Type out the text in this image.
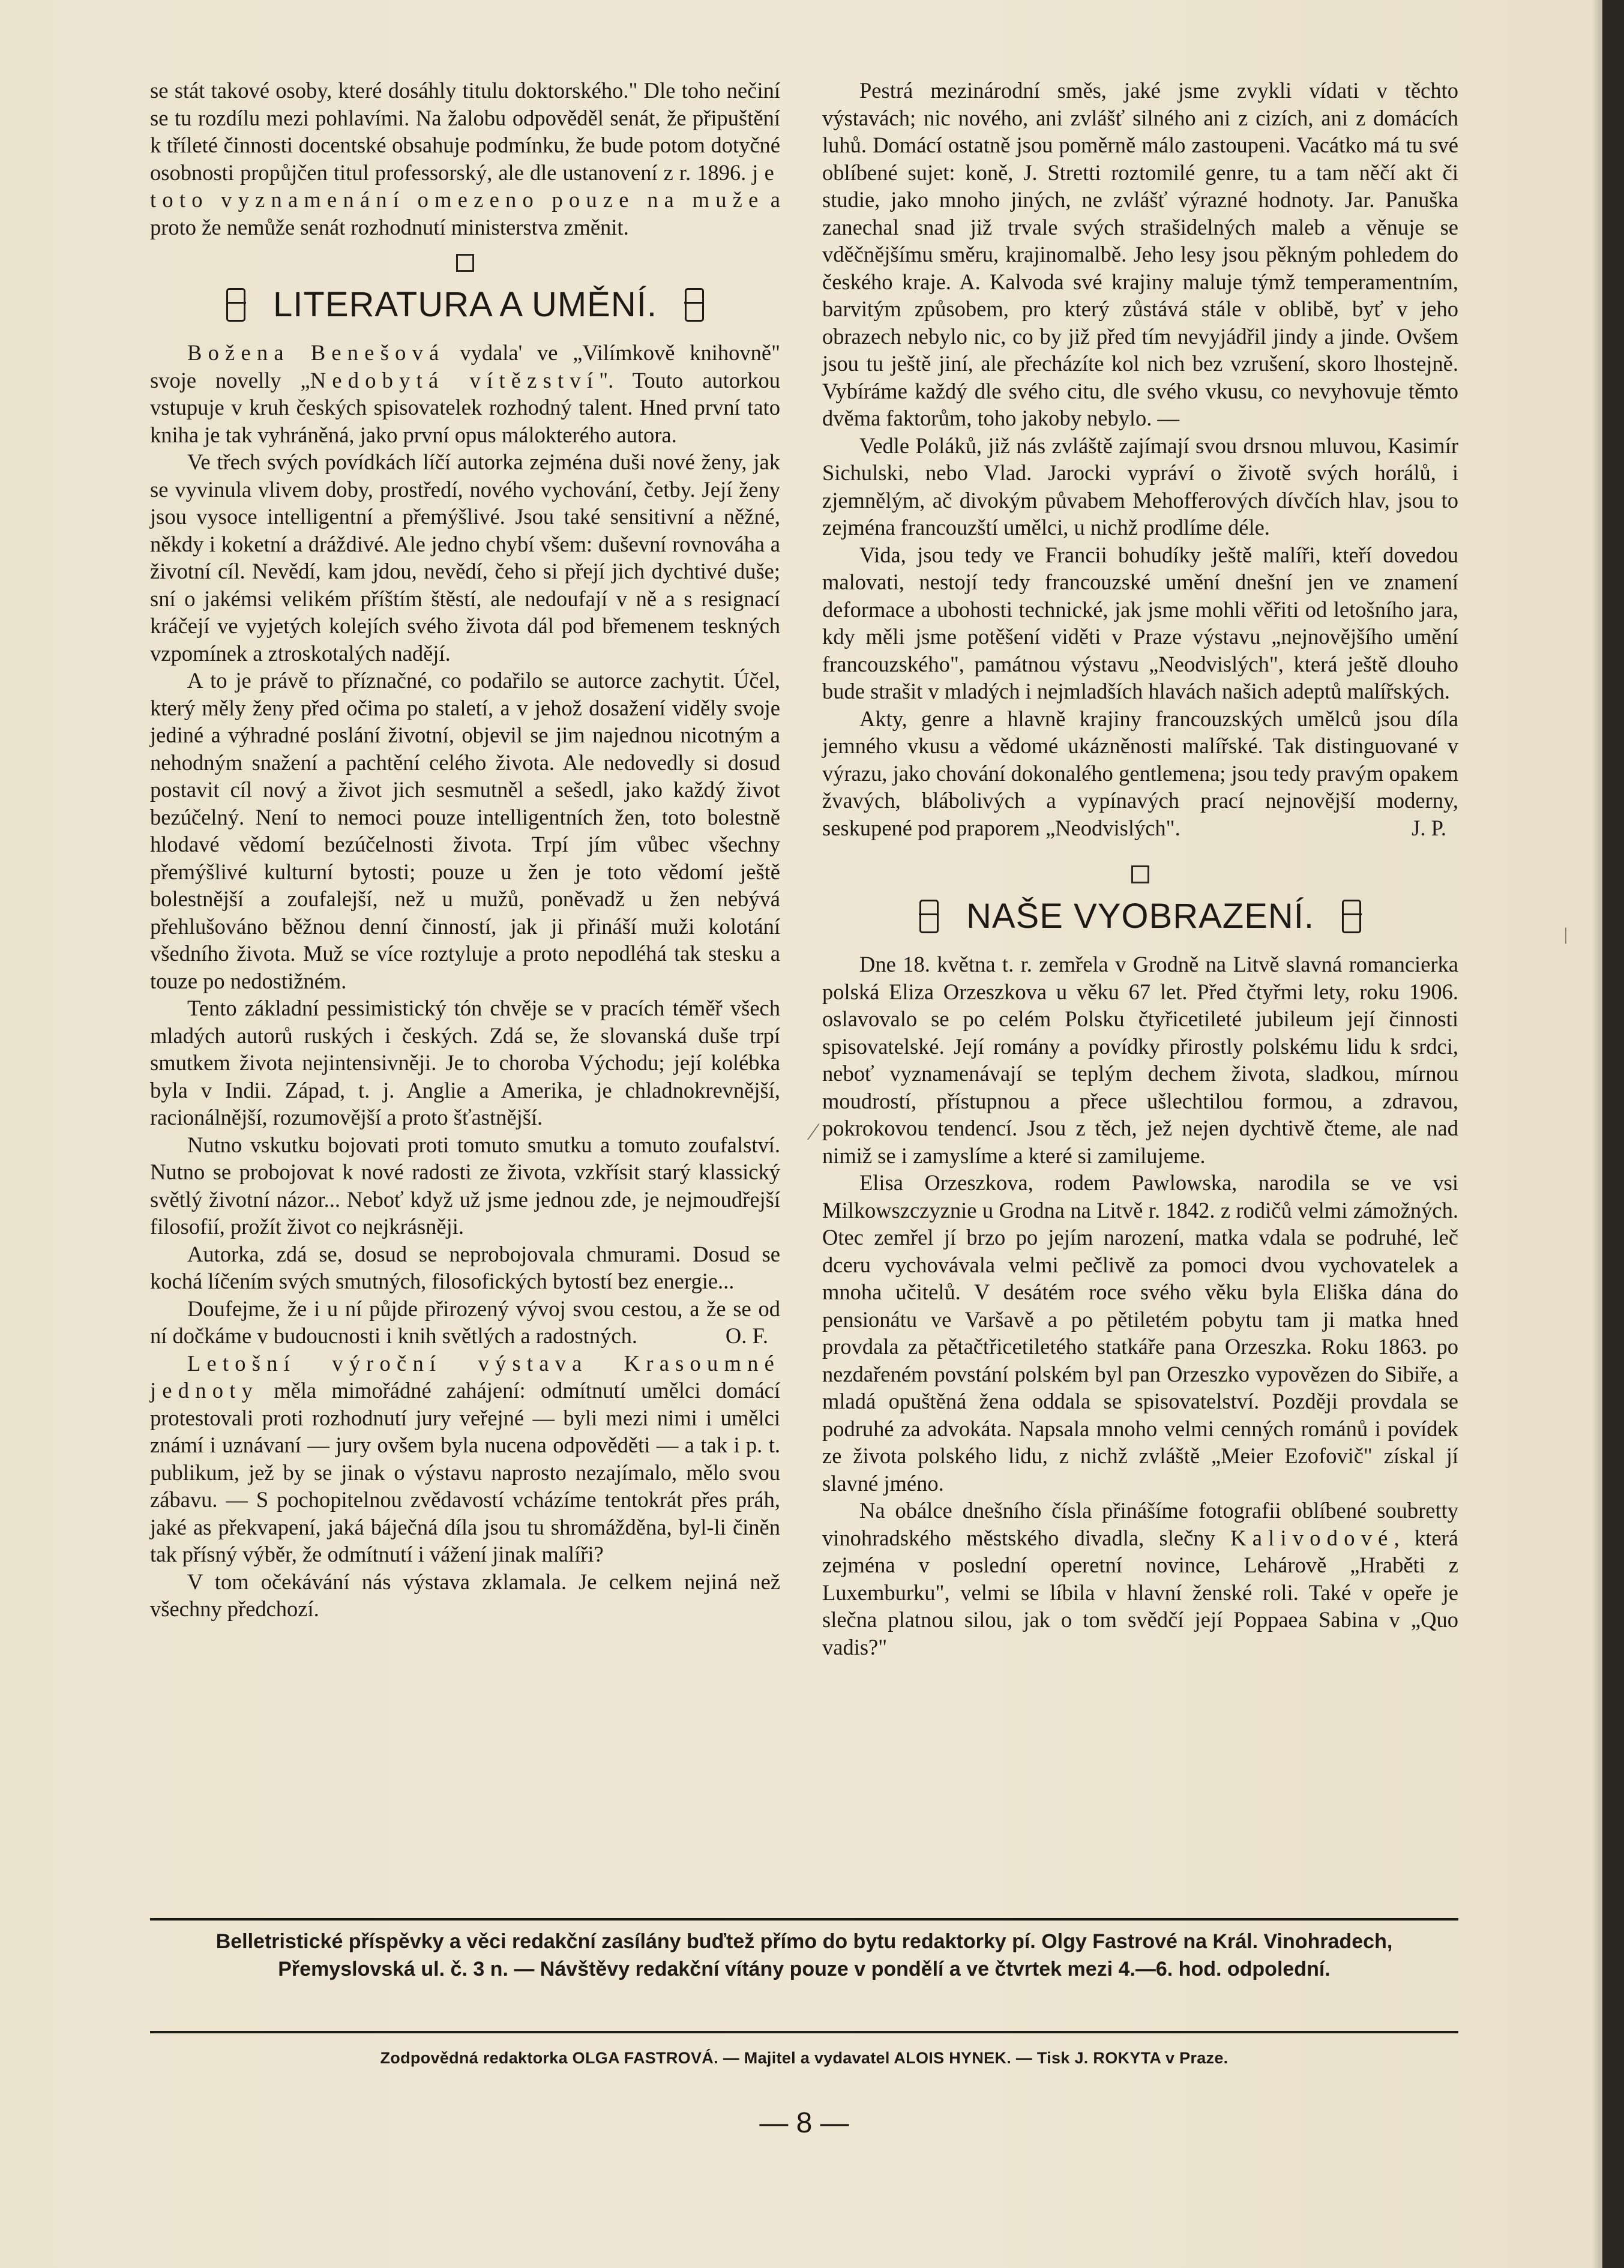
se stát takové osoby, které dosáhly titulu doktorského." Dle toho nečiní se tu rozdílu mezi pohlavími. Na žalobu odpověděl senát, že připuštění k tříleté činnosti docentské obsahuje podmínku, že bude potom dotyčné osobnosti propůjčen titul professorský, ale dle ustanovení z r. 1896. je toto vyznamenání omezeno pouze na muže a proto že nemůže senát rozhodnutí ministerstva změnit.

LITERATURA A UMĚNÍ.

Božena Benešová vydala' ve „Vilímkově knihovně" svoje novelly „Nedobytá vítězství". Touto autorkou vstupuje v kruh českých spisovatelek rozhodný talent. Hned první tato kniha je tak vyhráněná, jako první opus málokterého autora.

Ve třech svých povídkách líčí autorka zejména duši nové ženy, jak se vyvinula vlivem doby, prostředí, nového vychování, četby. Její ženy jsou vysoce intelligentní a přemýšlivé. Jsou také sensitivní a něžné, někdy i koketní a dráždivé. Ale jedno chybí všem: duševní rovnováha a životní cíl. Nevědí, kam jdou, nevědí, čeho si přejí jich dychtivé duše; sní o jakémsi velikém příštím štěstí, ale nedoufají v ně a s resignací kráčejí ve vyjetých kolejích svého života dál pod břemenem teskných vzpomínek a ztroskotalých nadějí.

A to je právě to příznačné, co podařilo se autorce zachytit. Účel, který měly ženy před očima po staletí, a v jehož dosažení viděly svoje jediné a výhradné poslání životní, objevil se jim najednou nicotným a nehodným snažení a pachtění celého života. Ale nedovedly si dosud postavit cíl nový a život jich sesmutněl a sešedl, jako každý život bezúčelný. Není to nemoci pouze intelligentních žen, toto bolestně hlodavé vědomí bezúčelnosti života. Trpí jím vůbec všechny přemýšlivé kulturní bytosti; pouze u žen je toto vědomí ještě bolestnější a zoufalejší, než u mužů, poněvadž u žen nebývá přehlušováno běžnou denní činností, jak ji přináší muži kolotání všedního života. Muž se více roztyluje a proto nepodléhá tak stesku a touze po nedostižném.

Tento základní pessimistický tón chvěje se v pracích téměř všech mladých autorů ruských i českých. Zdá se, že slovanská duše trpí smutkem života nejintensivněji. Je to choroba Východu; její kolébka byla v Indii. Západ, t. j. Anglie a Amerika, je chladnokrevnější, racionálnější, rozumovější a proto šťastnější.

Nutno vskutku bojovati proti tomuto smutku a tomuto zoufalství. Nutno se probojovat k nové radosti ze života, vzkřísit starý klassický světlý životní názor... Neboť když už jsme jednou zde, je nejmoudřejší filosofií, prožít život co nejkrásněji.

Autorka, zdá se, dosud se neprobojovala chmurami. Dosud se kochá líčením svých smutných, filosofických bytostí bez energie...

Doufejme, že i u ní půjde přirozený vývoj svou cestou, a že se od ní dočkáme v budoucnosti i knih světlých a radostných.	O. F.

Letošní výroční výstava Krasoumné jednoty měla mimořádné zahájení: odmítnutí umělci domácí protestovali proti rozhodnutí jury veřejné — byli mezi nimi i umělci známí i uznávaní — jury ovšem byla nucena odpověděti — a tak i p. t. publikum, jež by se jinak o výstavu naprosto nezajímalo, mělo svou zábavu. — S pochopitelnou zvědavostí vcházíme tentokrát přes práh, jaké as překvapení, jaká báječná díla jsou tu shromážděna, byl-li činěn tak přísný výběr, že odmítnutí i vážení jinak malíři?

V tom očekávání nás výstava zklamala. Je celkem nejiná než všechny předchozí.

Pestrá mezinárodní směs, jaké jsme zvykli vídati v těchto výstavách; nic nového, ani zvlášť silného ani z cizích, ani z domácích luhů. Domácí ostatně jsou poměrně málo zastoupeni. Vacátko má tu své oblíbené sujet: koně, J. Stretti roztomilé genre, tu a tam něčí akt či studie, jako mnoho jiných, ne zvlášť výrazné hodnoty. Jar. Panuška zanechal snad již trvale svých strašidelných maleb a věnuje se vděčnějšímu směru, krajinomalbě. Jeho lesy jsou pěkným pohledem do českého kraje. A. Kalvoda své krajiny maluje týmž temperamentním, barvitým způsobem, pro který zůstává stále v oblibě, byť v jeho obrazech nebylo nic, co by již před tím nevyjádřil jindy a jinde. Ovšem jsou tu ještě jiní, ale přecházíte kol nich bez vzrušení, skoro lhostejně. Vybíráme každý dle svého citu, dle svého vkusu, co nevyhovuje těmto dvěma faktorům, toho jakoby nebylo. —

Vedle Poláků, již nás zvláště zajímají svou drsnou mluvou, Kasimír Sichulski, nebo Vlad. Jarocki vypráví o životě svých horálů, i zjemnělým, ač divokým půvabem Mehofferových dívčích hlav, jsou to zejména francouzští umělci, u nichž prodlíme déle.

Vida, jsou tedy ve Francii bohudíky ještě malíři, kteří dovedou malovati, nestojí tedy francouzské umění dnešní jen ve znamení deformace a ubohosti technické, jak jsme mohli věřiti od letošního jara, kdy měli jsme potěšení viděti v Praze výstavu „nejnovějšího umění francouzského", památnou výstavu „Neodvislých", která ještě dlouho bude strašit v mladých i nejmladších hlavách našich adeptů malířských.

Akty, genre a hlavně krajiny francouzských umělců jsou díla jemného vkusu a vědomé ukázněnosti malířské. Tak distinguované v výrazu, jako chování dokonalého gentlemena; jsou tedy pravým opakem žvavých, blábolivých a vypínavých prací nejnovější moderny, seskupené pod praporem „Neodvislých".	J. P.

NAŠE VYOBRAZENÍ.

Dne 18. května t. r. zemřela v Grodně na Litvě slavná romancierka polská Eliza Orzeszkova u věku 67 let. Před čtyřmi lety, roku 1906. oslavovalo se po celém Polsku čtyřicetileté jubileum její činnosti spisovatelské. Její romány a povídky přirostly polskému lidu k srdci, neboť vyznamenávají se teplým dechem života, sladkou, mírnou moudrostí, přístupnou a přece ušlechtilou formou, a zdravou, pokrokovou tendencí. Jsou z těch, jež nejen dychtivě čteme, ale nad nimiž se i zamyslíme a které si zamilujeme.

Elisa Orzeszkova, rodem Pawlowska, narodila se ve vsi Milkowszczyznie u Grodna na Litvě r. 1842. z rodičů velmi zámožných. Otec zemřel jí brzo po jejím narození, matka vdala se podruhé, leč dceru vychovávala velmi pečlivě za pomoci dvou vychovatelek a mnoha učitelů. V desátém roce svého věku byla Eliška dána do pensionátu ve Varšavě a po pětiletém pobytu tam ji matka hned provdala za pětačtřicetiletého statkáře pana Orzeszka. Roku 1863. po nezdařeném povstání polském byl pan Orzeszko vypovězen do Sibiře, a mladá opuštěná žena oddala se spisovatelství. Později provdala se podruhé za advokáta. Napsala mnoho velmi cenných románů i povídek ze života polského lidu, z nichž zvláště „Meier Ezofovič" získal jí slavné jméno.

Na obálce dnešního čísla přinášíme fotografii oblíbené soubretty vinohradského městského divadla, slečny Kalivodové, která zejména v poslední operetní novince, Lehárově „Hraběti z Luxemburku", velmi se líbila v hlavní ženské roli. Také v opeře je slečna platnou silou, jak o tom svědčí její Poppaea Sabina v „Quo vadis?"

⁄
|
Belletristické příspěvky a věci redakční zasílány buďtež přímo do bytu redaktorky pí. Olgy Fastrové na Král. Vinohradech,
Přemyslovská ul. č. 3 n. — Návštěvy redakční vítány pouze v pondělí a ve čtvrtek mezi 4.—6. hod. odpolední.
Zodpovědná redaktorka OLGA FASTROVÁ. — Majitel a vydavatel ALOIS HYNEK. — Tisk J. ROKYTA v Praze.
— 8 —
